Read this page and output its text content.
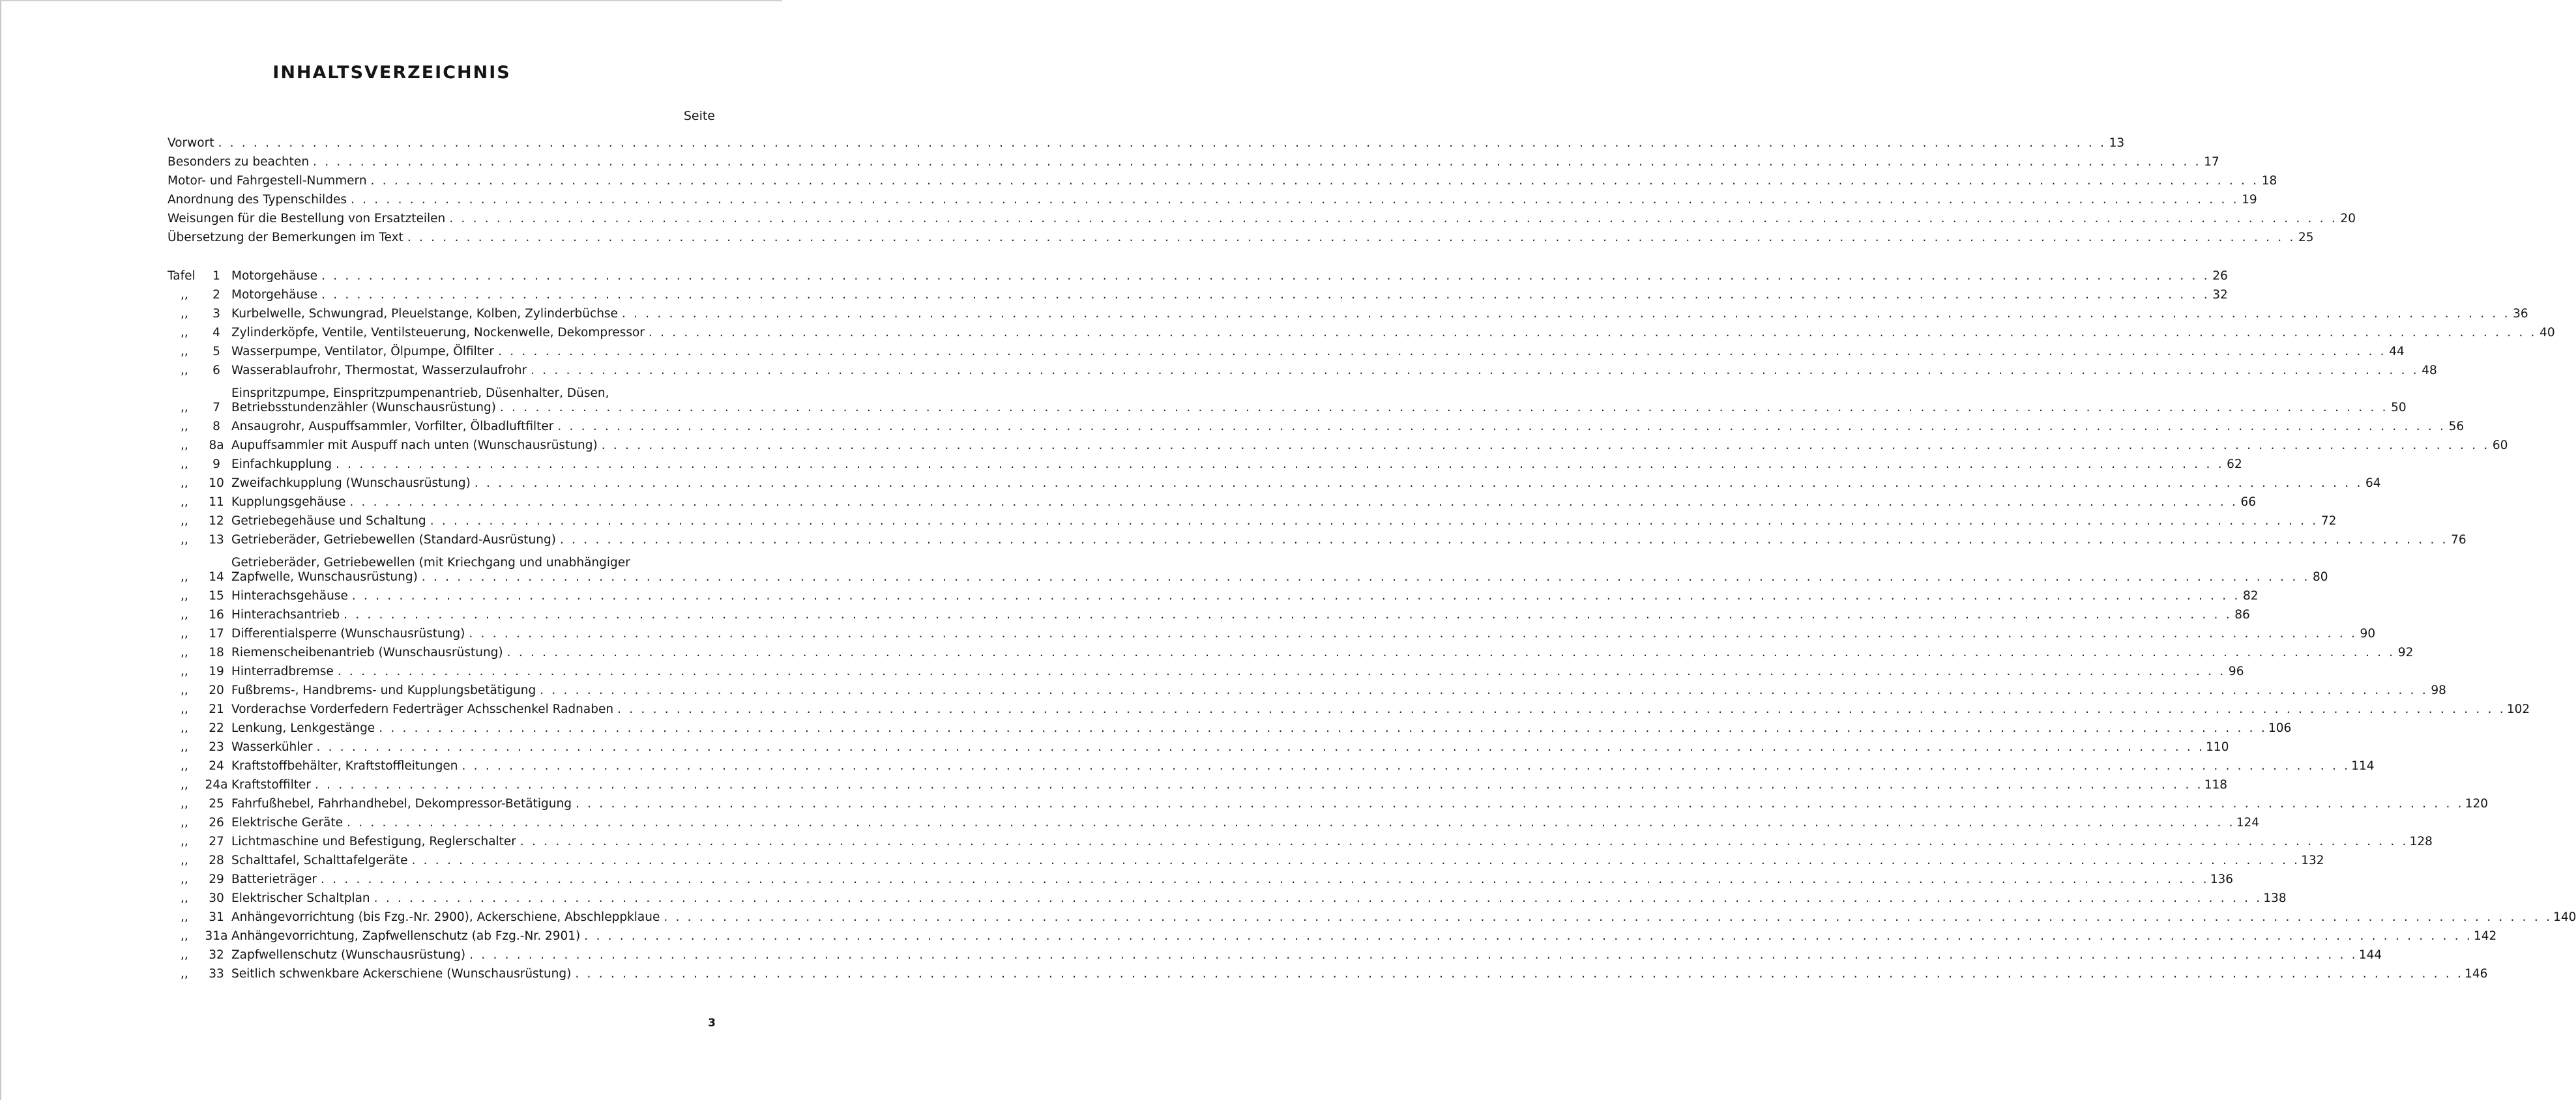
INHALTSVERZEICHNIS
Seite
Vorwort . . . . . . . . . . . . . . . . . . . . . . . . . . . . . . . . . . . . . . . . . . . . . . . . . . . . . . . . . . . . . . . . . . . . . . . . . . . . . . . . . . . . . . . . . . . . . . . . . . . . . . . . . . . . . . . . . . . . . . . . . . . . . . . . . . . . . . . . . . . . . . . . . . . . . . . . . . . . . . . . 13
Besonders zu beachten . . . . . . . . . . . . . . . . . . . . . . . . . . . . . . . . . . . . . . . . . . . . . . . . . . . . . . . . . . . . . . . . . . . . . . . . . . . . . . . . . . . . . . . . . . . . . . . . . . . . . . . . . . . . . . . . . . . . . . . . . . . . . . . . . . . . . . . . . . . . . . . . . . . . . . . . . . . . . . . . 17
Motor- und Fahrgestell-Nummern . . . . . . . . . . . . . . . . . . . . . . . . . . . . . . . . . . . . . . . . . . . . . . . . . . . . . . . . . . . . . . . . . . . . . . . . . . . . . . . . . . . . . . . . . . . . . . . . . . . . . . . . . . . . . . . . . . . . . . . . . . . . . . . . . . . . . . . . . . . . . . . . . . . . . . . . . . . . . . . . 18
Anordnung des Typenschildes . . . . . . . . . . . . . . . . . . . . . . . . . . . . . . . . . . . . . . . . . . . . . . . . . . . . . . . . . . . . . . . . . . . . . . . . . . . . . . . . . . . . . . . . . . . . . . . . . . . . . . . . . . . . . . . . . . . . . . . . . . . . . . . . . . . . . . . . . . . . . . . . . . . . . . . . . . . . . . . . 19
Weisungen für die Bestellung von Ersatzteilen . . . . . . . . . . . . . . . . . . . . . . . . . . . . . . . . . . . . . . . . . . . . . . . . . . . . . . . . . . . . . . . . . . . . . . . . . . . . . . . . . . . . . . . . . . . . . . . . . . . . . . . . . . . . . . . . . . . . . . . . . . . . . . . . . . . . . . . . . . . . . . . . . . . . . . . . . . . . . . . . 20
Übersetzung der Bemerkungen im Text . . . . . . . . . . . . . . . . . . . . . . . . . . . . . . . . . . . . . . . . . . . . . . . . . . . . . . . . . . . . . . . . . . . . . . . . . . . . . . . . . . . . . . . . . . . . . . . . . . . . . . . . . . . . . . . . . . . . . . . . . . . . . . . . . . . . . . . . . . . . . . . . . . . . . . . . . . . . . . . . 25
Tafel	1 Motorgehäuse . . . . . . . . . . . . . . . . . . . . . . . . . . . . . . . . . . . . . . . . . . . . . . . . . . . . . . . . . . . . . . . . . . . . . . . . . . . . . . . . . . . . . . . . . . . . . . . . . . . . . . . . . . . . . . . . . . . . . . . . . . . . . . . . . . . . . . . . . . . . . . . . . . . . . . . . . . . . . . . . 26
,,	2 Motorgehäuse . . . . . . . . . . . . . . . . . . . . . . . . . . . . . . . . . . . . . . . . . . . . . . . . . . . . . . . . . . . . . . . . . . . . . . . . . . . . . . . . . . . . . . . . . . . . . . . . . . . . . . . . . . . . . . . . . . . . . . . . . . . . . . . . . . . . . . . . . . . . . . . . . . . . . . . . . . . . . . . . 32
,,	3 Kurbelwelle, Schwungrad, Pleuelstange, Kolben, Zylinderbüchse . . . . . . . . . . . . . . . . . . . . . . . . . . . . . . . . . . . . . . . . . . . . . . . . . . . . . . . . . . . . . . . . . . . . . . . . . . . . . . . . . . . . . . . . . . . . . . . . . . . . . . . . . . . . . . . . . . . . . . . . . . . . . . . . . . . . . . . . . . . . . . . . . . . . . . . . . . . . . . . . 36
,,	4 Zylinderköpfe, Ventile, Ventilsteuerung, Nockenwelle, Dekompressor . . . . . . . . . . . . . . . . . . . . . . . . . . . . . . . . . . . . . . . . . . . . . . . . . . . . . . . . . . . . . . . . . . . . . . . . . . . . . . . . . . . . . . . . . . . . . . . . . . . . . . . . . . . . . . . . . . . . . . . . . . . . . . . . . . . . . . . . . . . . . . . . . . . . . . . . . . . . . . . . 40
,,	5 Wasserpumpe, Ventilator, Ölpumpe, Ölfilter . . . . . . . . . . . . . . . . . . . . . . . . . . . . . . . . . . . . . . . . . . . . . . . . . . . . . . . . . . . . . . . . . . . . . . . . . . . . . . . . . . . . . . . . . . . . . . . . . . . . . . . . . . . . . . . . . . . . . . . . . . . . . . . . . . . . . . . . . . . . . . . . . . . . . . . . . . . . . . . . 44
,,	6 Wasserablaufrohr, Thermostat, Wasserzulaufrohr . . . . . . . . . . . . . . . . . . . . . . . . . . . . . . . . . . . . . . . . . . . . . . . . . . . . . . . . . . . . . . . . . . . . . . . . . . . . . . . . . . . . . . . . . . . . . . . . . . . . . . . . . . . . . . . . . . . . . . . . . . . . . . . . . . . . . . . . . . . . . . . . . . . . . . . . . . . . . . . . 48
,,	7
Einspritzpumpe, Einspritzpumpenantrieb, Düsenhalter, Düsen,
Betriebsstundenzähler (Wunschausrüstung) . . . . . . . . . . . . . . . . . . . . . . . . . . . . . . . . . . . . . . . . . . . . . . . . . . . . . . . . . . . . . . . . . . . . . . . . . . . . . . . . . . . . . . . . . . . . . . . . . . . . . . . . . . . . . . . . . . . . . . . . . . . . . . . . . . . . . . . . . . . . . . . . . . . . . . . . . . . . . . . . 50
,,	8 Ansaugrohr, Auspuffsammler, Vorfilter, Ölbadluftfilter . . . . . . . . . . . . . . . . . . . . . . . . . . . . . . . . . . . . . . . . . . . . . . . . . . . . . . . . . . . . . . . . . . . . . . . . . . . . . . . . . . . . . . . . . . . . . . . . . . . . . . . . . . . . . . . . . . . . . . . . . . . . . . . . . . . . . . . . . . . . . . . . . . . . . . . . . . . . . . . . 56
,,	8a Aupuffsammler mit Auspuff nach unten (Wunschausrüstung) . . . . . . . . . . . . . . . . . . . . . . . . . . . . . . . . . . . . . . . . . . . . . . . . . . . . . . . . . . . . . . . . . . . . . . . . . . . . . . . . . . . . . . . . . . . . . . . . . . . . . . . . . . . . . . . . . . . . . . . . . . . . . . . . . . . . . . . . . . . . . . . . . . . . . . . . . . . . . . . . 60
,,	9 Einfachkupplung . . . . . . . . . . . . . . . . . . . . . . . . . . . . . . . . . . . . . . . . . . . . . . . . . . . . . . . . . . . . . . . . . . . . . . . . . . . . . . . . . . . . . . . . . . . . . . . . . . . . . . . . . . . . . . . . . . . . . . . . . . . . . . . . . . . . . . . . . . . . . . . . . . . . . . . . . . . . . . . . 62
,,	10 Zweifachkupplung (Wunschausrüstung) . . . . . . . . . . . . . . . . . . . . . . . . . . . . . . . . . . . . . . . . . . . . . . . . . . . . . . . . . . . . . . . . . . . . . . . . . . . . . . . . . . . . . . . . . . . . . . . . . . . . . . . . . . . . . . . . . . . . . . . . . . . . . . . . . . . . . . . . . . . . . . . . . . . . . . . . . . . . . . . . 64
,,	11 Kupplungsgehäuse . . . . . . . . . . . . . . . . . . . . . . . . . . . . . . . . . . . . . . . . . . . . . . . . . . . . . . . . . . . . . . . . . . . . . . . . . . . . . . . . . . . . . . . . . . . . . . . . . . . . . . . . . . . . . . . . . . . . . . . . . . . . . . . . . . . . . . . . . . . . . . . . . . . . . . . . . . . . . . . . 66
,,	12 Getriebegehäuse und Schaltung . . . . . . . . . . . . . . . . . . . . . . . . . . . . . . . . . . . . . . . . . . . . . . . . . . . . . . . . . . . . . . . . . . . . . . . . . . . . . . . . . . . . . . . . . . . . . . . . . . . . . . . . . . . . . . . . . . . . . . . . . . . . . . . . . . . . . . . . . . . . . . . . . . . . . . . . . . . . . . . . 72
,,	13 Getrieberäder, Getriebewellen (Standard-Ausrüstung) . . . . . . . . . . . . . . . . . . . . . . . . . . . . . . . . . . . . . . . . . . . . . . . . . . . . . . . . . . . . . . . . . . . . . . . . . . . . . . . . . . . . . . . . . . . . . . . . . . . . . . . . . . . . . . . . . . . . . . . . . . . . . . . . . . . . . . . . . . . . . . . . . . . . . . . . . . . . . . . . 76
,,	14
Getrieberäder, Getriebewellen (mit Kriechgang und unabhängiger
Zapfwelle, Wunschausrüstung) . . . . . . . . . . . . . . . . . . . . . . . . . . . . . . . . . . . . . . . . . . . . . . . . . . . . . . . . . . . . . . . . . . . . . . . . . . . . . . . . . . . . . . . . . . . . . . . . . . . . . . . . . . . . . . . . . . . . . . . . . . . . . . . . . . . . . . . . . . . . . . . . . . . . . . . . . . . . . . . . 80
,,	15 Hinterachsgehäuse . . . . . . . . . . . . . . . . . . . . . . . . . . . . . . . . . . . . . . . . . . . . . . . . . . . . . . . . . . . . . . . . . . . . . . . . . . . . . . . . . . . . . . . . . . . . . . . . . . . . . . . . . . . . . . . . . . . . . . . . . . . . . . . . . . . . . . . . . . . . . . . . . . . . . . . . . . . . . . . . 82
,,	16 Hinterachsantrieb . . . . . . . . . . . . . . . . . . . . . . . . . . . . . . . . . . . . . . . . . . . . . . . . . . . . . . . . . . . . . . . . . . . . . . . . . . . . . . . . . . . . . . . . . . . . . . . . . . . . . . . . . . . . . . . . . . . . . . . . . . . . . . . . . . . . . . . . . . . . . . . . . . . . . . . . . . . . . . . . 86
,,	17 Differentialsperre (Wunschausrüstung) . . . . . . . . . . . . . . . . . . . . . . . . . . . . . . . . . . . . . . . . . . . . . . . . . . . . . . . . . . . . . . . . . . . . . . . . . . . . . . . . . . . . . . . . . . . . . . . . . . . . . . . . . . . . . . . . . . . . . . . . . . . . . . . . . . . . . . . . . . . . . . . . . . . . . . . . . . . . . . . . 90
,,	18 Riemenscheibenantrieb (Wunschausrüstung) . . . . . . . . . . . . . . . . . . . . . . . . . . . . . . . . . . . . . . . . . . . . . . . . . . . . . . . . . . . . . . . . . . . . . . . . . . . . . . . . . . . . . . . . . . . . . . . . . . . . . . . . . . . . . . . . . . . . . . . . . . . . . . . . . . . . . . . . . . . . . . . . . . . . . . . . . . . . . . . . 92
,,	19 Hinterradbremse . . . . . . . . . . . . . . . . . . . . . . . . . . . . . . . . . . . . . . . . . . . . . . . . . . . . . . . . . . . . . . . . . . . . . . . . . . . . . . . . . . . . . . . . . . . . . . . . . . . . . . . . . . . . . . . . . . . . . . . . . . . . . . . . . . . . . . . . . . . . . . . . . . . . . . . . . . . . . . . . 96
,,	20 Fußbrems-, Handbrems- und Kupplungsbetätigung . . . . . . . . . . . . . . . . . . . . . . . . . . . . . . . . . . . . . . . . . . . . . . . . . . . . . . . . . . . . . . . . . . . . . . . . . . . . . . . . . . . . . . . . . . . . . . . . . . . . . . . . . . . . . . . . . . . . . . . . . . . . . . . . . . . . . . . . . . . . . . . . . . . . . . . . . . . . . . . . 98
,,	21 Vorderachse Vorderfedern Federträger Achsschenkel Radnaben . . . . . . . . . . . . . . . . . . . . . . . . . . . . . . . . . . . . . . . . . . . . . . . . . . . . . . . . . . . . . . . . . . . . . . . . . . . . . . . . . . . . . . . . . . . . . . . . . . . . . . . . . . . . . . . . . . . . . . . . . . . . . . . . . . . . . . . . . . . . . . . . . . . . . . . . . . . . . . . . 102
,,	22 Lenkung, Lenkgestänge . . . . . . . . . . . . . . . . . . . . . . . . . . . . . . . . . . . . . . . . . . . . . . . . . . . . . . . . . . . . . . . . . . . . . . . . . . . . . . . . . . . . . . . . . . . . . . . . . . . . . . . . . . . . . . . . . . . . . . . . . . . . . . . . . . . . . . . . . . . . . . . . . . . . . . . . . . . . . . . . 106
,,	23 Wasserkühler . . . . . . . . . . . . . . . . . . . . . . . . . . . . . . . . . . . . . . . . . . . . . . . . . . . . . . . . . . . . . . . . . . . . . . . . . . . . . . . . . . . . . . . . . . . . . . . . . . . . . . . . . . . . . . . . . . . . . . . . . . . . . . . . . . . . . . . . . . . . . . . . . . . . . . . . . . . . . . . . 110
,,	24 Kraftstoffbehälter, Kraftstoffleitungen . . . . . . . . . . . . . . . . . . . . . . . . . . . . . . . . . . . . . . . . . . . . . . . . . . . . . . . . . . . . . . . . . . . . . . . . . . . . . . . . . . . . . . . . . . . . . . . . . . . . . . . . . . . . . . . . . . . . . . . . . . . . . . . . . . . . . . . . . . . . . . . . . . . . . . . . . . . . . . . . 114
,,	24a Kraftstoffilter . . . . . . . . . . . . . . . . . . . . . . . . . . . . . . . . . . . . . . . . . . . . . . . . . . . . . . . . . . . . . . . . . . . . . . . . . . . . . . . . . . . . . . . . . . . . . . . . . . . . . . . . . . . . . . . . . . . . . . . . . . . . . . . . . . . . . . . . . . . . . . . . . . . . . . . . . . . . . . . . 118
,,	25 Fahrfußhebel, Fahrhandhebel, Dekompressor-Betätigung . . . . . . . . . . . . . . . . . . . . . . . . . . . . . . . . . . . . . . . . . . . . . . . . . . . . . . . . . . . . . . . . . . . . . . . . . . . . . . . . . . . . . . . . . . . . . . . . . . . . . . . . . . . . . . . . . . . . . . . . . . . . . . . . . . . . . . . . . . . . . . . . . . . . . . . . . . . . . . . . 120
,,	26 Elektrische Geräte . . . . . . . . . . . . . . . . . . . . . . . . . . . . . . . . . . . . . . . . . . . . . . . . . . . . . . . . . . . . . . . . . . . . . . . . . . . . . . . . . . . . . . . . . . . . . . . . . . . . . . . . . . . . . . . . . . . . . . . . . . . . . . . . . . . . . . . . . . . . . . . . . . . . . . . . . . . . . . . . 124
,,	27 Lichtmaschine und Befestigung, Reglerschalter . . . . . . . . . . . . . . . . . . . . . . . . . . . . . . . . . . . . . . . . . . . . . . . . . . . . . . . . . . . . . . . . . . . . . . . . . . . . . . . . . . . . . . . . . . . . . . . . . . . . . . . . . . . . . . . . . . . . . . . . . . . . . . . . . . . . . . . . . . . . . . . . . . . . . . . . . . . . . . . . 128
,,	28 Schalttafel, Schalttafelgeräte . . . . . . . . . . . . . . . . . . . . . . . . . . . . . . . . . . . . . . . . . . . . . . . . . . . . . . . . . . . . . . . . . . . . . . . . . . . . . . . . . . . . . . . . . . . . . . . . . . . . . . . . . . . . . . . . . . . . . . . . . . . . . . . . . . . . . . . . . . . . . . . . . . . . . . . . . . . . . . . . 132
,,	29 Batterieträger . . . . . . . . . . . . . . . . . . . . . . . . . . . . . . . . . . . . . . . . . . . . . . . . . . . . . . . . . . . . . . . . . . . . . . . . . . . . . . . . . . . . . . . . . . . . . . . . . . . . . . . . . . . . . . . . . . . . . . . . . . . . . . . . . . . . . . . . . . . . . . . . . . . . . . . . . . . . . . . . 136
,,	30 Elektrischer Schaltplan . . . . . . . . . . . . . . . . . . . . . . . . . . . . . . . . . . . . . . . . . . . . . . . . . . . . . . . . . . . . . . . . . . . . . . . . . . . . . . . . . . . . . . . . . . . . . . . . . . . . . . . . . . . . . . . . . . . . . . . . . . . . . . . . . . . . . . . . . . . . . . . . . . . . . . . . . . . . . . . . 138
,,	31 Anhängevorrichtung (bis Fzg.-Nr. 2900), Ackerschiene, Abschleppklaue . . . . . . . . . . . . . . . . . . . . . . . . . . . . . . . . . . . . . . . . . . . . . . . . . . . . . . . . . . . . . . . . . . . . . . . . . . . . . . . . . . . . . . . . . . . . . . . . . . . . . . . . . . . . . . . . . . . . . . . . . . . . . . . . . . . . . . . . . . . . . . . . . . . . . . . . . . . . . . . . 140
,,	31a Anhängevorrichtung, Zapfwellenschutz (ab Fzg.-Nr. 2901) . . . . . . . . . . . . . . . . . . . . . . . . . . . . . . . . . . . . . . . . . . . . . . . . . . . . . . . . . . . . . . . . . . . . . . . . . . . . . . . . . . . . . . . . . . . . . . . . . . . . . . . . . . . . . . . . . . . . . . . . . . . . . . . . . . . . . . . . . . . . . . . . . . . . . . . . . . . . . . . . 142
,,	32 Zapfwellenschutz (Wunschausrüstung) . . . . . . . . . . . . . . . . . . . . . . . . . . . . . . . . . . . . . . . . . . . . . . . . . . . . . . . . . . . . . . . . . . . . . . . . . . . . . . . . . . . . . . . . . . . . . . . . . . . . . . . . . . . . . . . . . . . . . . . . . . . . . . . . . . . . . . . . . . . . . . . . . . . . . . . . . . . . . . . . 144
,,	33 Seitlich schwenkbare Ackerschiene (Wunschausrüstung) . . . . . . . . . . . . . . . . . . . . . . . . . . . . . . . . . . . . . . . . . . . . . . . . . . . . . . . . . . . . . . . . . . . . . . . . . . . . . . . . . . . . . . . . . . . . . . . . . . . . . . . . . . . . . . . . . . . . . . . . . . . . . . . . . . . . . . . . . . . . . . . . . . . . . . . . . . . . . . . . 146
3
